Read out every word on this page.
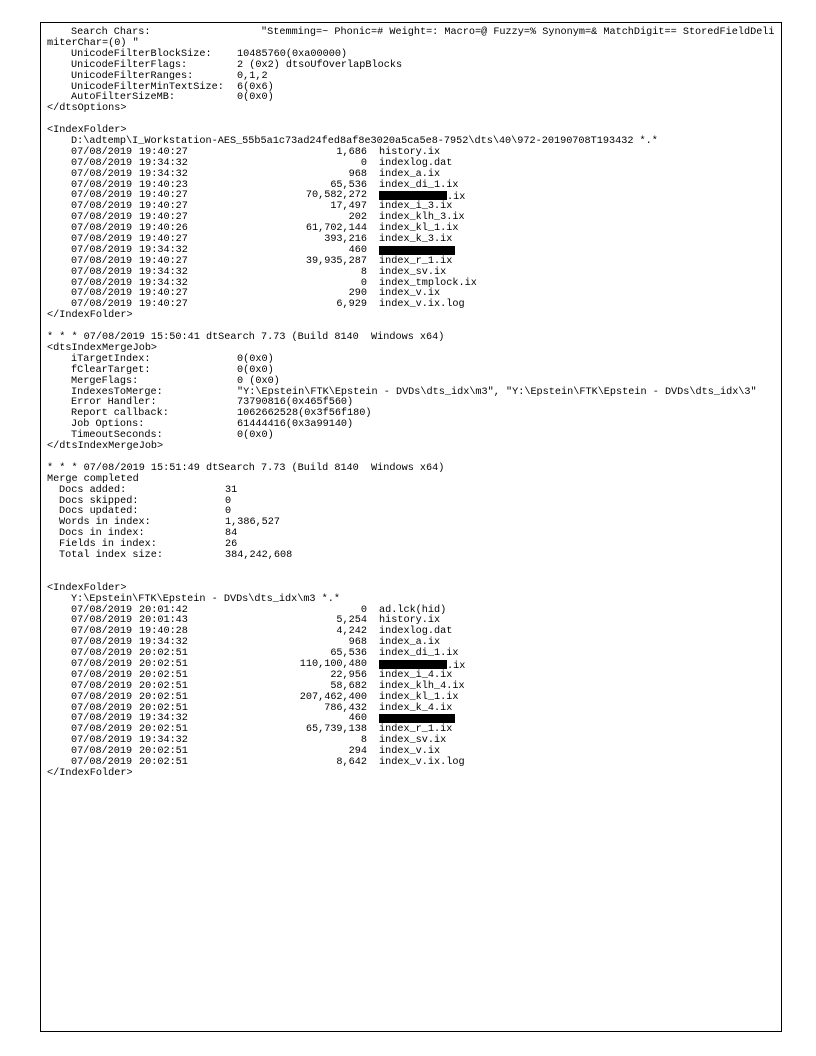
Search Chars:	"Stemming=~ Phonic=# Weight=: Macro=@ Fuzzy=% Synonym=& MatchDigit== StoredFieldDelimiterChar=(0) "
UnicodeFilterBlockSize: 10485760(0xa00000)
UnicodeFilterFlags:	2 (0x2) dtsoUfOverlapBlocks
UnicodeFilterRanges:	0,1,2
UnicodeFilterMinTextSize: 6(0x6)
AutoFilterSizeMB:	0(0x0)
</dtsOptions>
<IndexFolder>
D:\adtemp\I_Workstation-AES_55b5a1c73ad24fed8af8e3020a5ca5e8-7952\dts\40\972-20190708T193432 *.*
07/08/2019 19:40:27	1,686 history.ix
07/08/2019 19:34:32	0 indexlog.dat
07/08/2019 19:34:32	968 index_a.ix
07/08/2019 19:40:23	65,536 index_di_1.ix
07/08/2019 19:40:27	70,582,272	.ix
07/08/2019 19:40:27	17,497 index_i_3.ix
07/08/2019 19:40:27	202 index_klh_3.ix
07/08/2019 19:40:26	61,702,144 index_kl_1.ix
07/08/2019 19:40:27	393,216 index_k_3.ix
07/08/2019 19:34:32	460
07/08/2019 19:40:27	39,935,287 index_r_1.ix
07/08/2019 19:34:32	8 index_sv.ix
07/08/2019 19:34:32	0 index_tmplock.ix
07/08/2019 19:40:27	290 index_v.ix
07/08/2019 19:40:27	6,929 index_v.ix.log
</IndexFolder>
* * * 07/08/2019 15:50:41 dtSearch 7.73 (Build 8140  Windows x64)
<dtsIndexMergeJob>
iTargetIndex:	0(0x0)
fClearTarget:	0(0x0)
MergeFlags:	0 (0x0)
IndexesToMerge:	"Y:\Epstein\FTK\Epstein - DVDs\dts_idx\m3", "Y:\Epstein\FTK\Epstein - DVDs\dts_idx\3"
Error Handler:	73790816(0x465f560)
Report callback:	1062662528(0x3f56f180)
Job Options:	61444416(0x3a99140)
TimeoutSeconds:	0(0x0)
</dtsIndexMergeJob>
* * * 07/08/2019 15:51:49 dtSearch 7.73 (Build 8140  Windows x64)
Merge completed
Docs added:	31
Docs skipped:	0
Docs updated:	0
Words in index:	1,386,527
Docs in index:	84
Fields in index:	26
Total index size:	384,242,608
<IndexFolder>
Y:\Epstein\FTK\Epstein - DVDs\dts_idx\m3 *.*
07/08/2019 20:01:42	0 ad.lck(hid)
07/08/2019 20:01:43	5,254 history.ix
07/08/2019 19:40:28	4,242 indexlog.dat
07/08/2019 19:34:32	968 index_a.ix
07/08/2019 20:02:51	65,536 index_di_1.ix
07/08/2019 20:02:51	110,100,480	.ix
07/08/2019 20:02:51	22,956 index_i_4.ix
07/08/2019 20:02:51	58,682 index_klh_4.ix
07/08/2019 20:02:51	207,462,400 index_kl_1.ix
07/08/2019 20:02:51	786,432 index_k_4.ix
07/08/2019 19:34:32	460
07/08/2019 20:02:51	65,739,138 index_r_1.ix
07/08/2019 19:34:32	8 index_sv.ix
07/08/2019 20:02:51	294 index_v.ix
07/08/2019 20:02:51	8,642 index_v.ix.log
</IndexFolder>
